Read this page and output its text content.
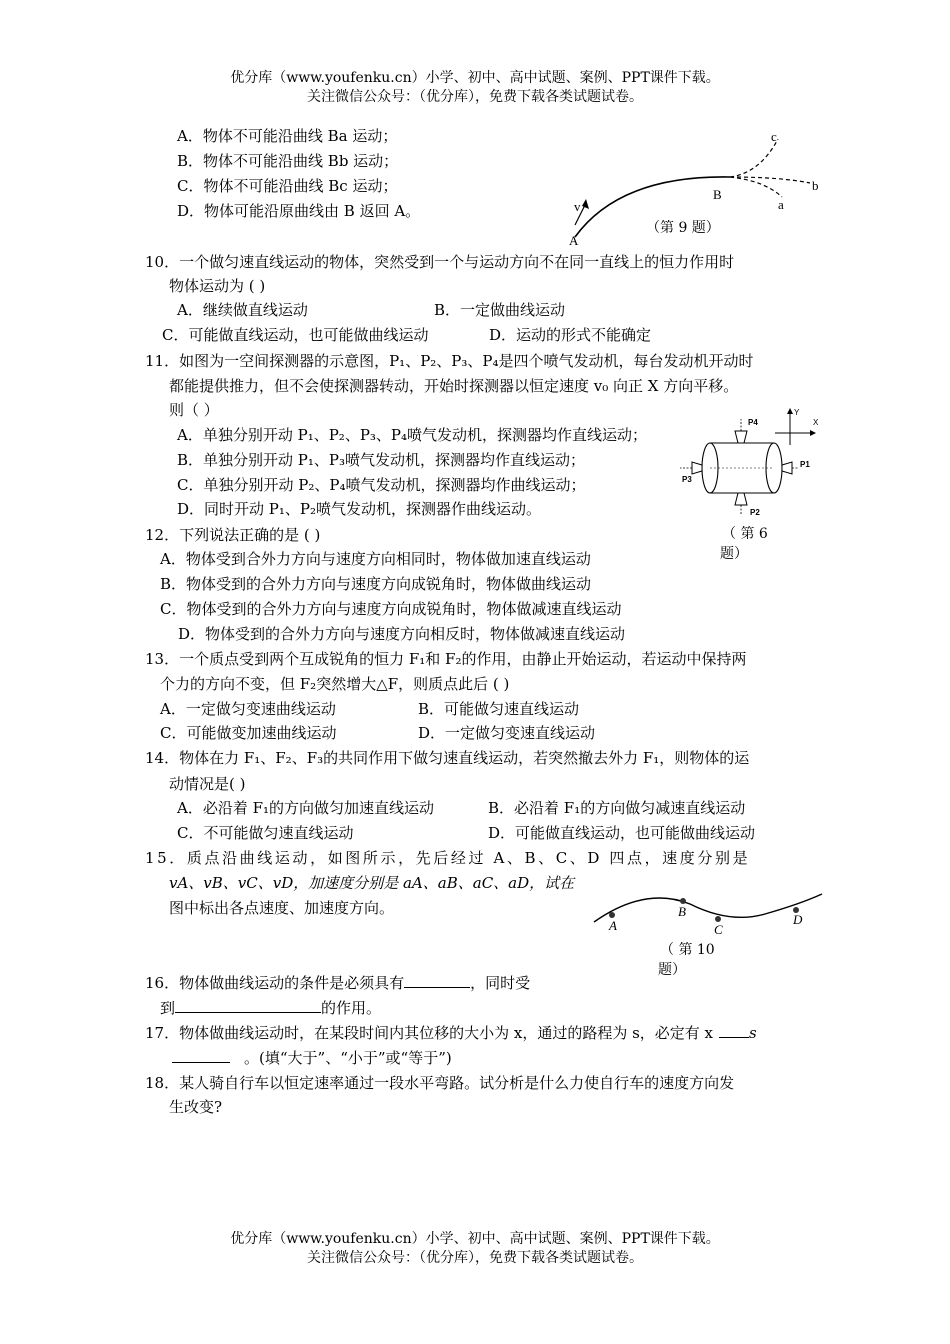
优分库（www.youfenku.cn）小学、初中、高中试题、案例、PPT课件下载。
关注微信公众号：（优分库），免费下载各类试题试卷。
A．物体不可能沿曲线 Ba 运动；
B．物体不可能沿曲线 Bb 运动；
C．物体不可能沿曲线 Bc 运动；
D．物体可能沿原曲线由 B 返回 A。
c
b
a
B
A
v
（第 9 题）
10．一个做匀速直线运动的物体，突然受到一个与运动方向不在同一直线上的恒力作用时
物体运动为 ( )
A．继续做直线运动	B．一定做曲线运动
C．可能做直线运动，也可能做曲线运动	D．运动的形式不能确定
11．如图为一空间探测器的示意图，P₁、P₂、P₃、P₄是四个喷气发动机，每台发动机开动时
都能提供推力，但不会使探测器转动，开始时探测器以恒定速度 v₀ 向正 X 方向平移。
则（ ）
A．单独分别开动 P₁、P₂、P₃、P₄喷气发动机，探测器均作直线运动；
B．单独分别开动 P₁、P₃喷气发动机，探测器均作直线运动；
C．单独分别开动 P₂、P₄喷气发动机，探测器均作曲线运动；
D．同时开动 P₁、P₂喷气发动机，探测器作曲线运动。
X
Y
P4
P2
P3
P1
（ 第 6
题）
12．下列说法正确的是 ( )
A．物体受到合外力方向与速度方向相同时，物体做加速直线运动
B．物体受到的合外力方向与速度方向成锐角时，物体做曲线运动
C．物体受到的合外力方向与速度方向成锐角时，物体做减速直线运动
D．物体受到的合外力方向与速度方向相反时，物体做减速直线运动
13．一个质点受到两个互成锐角的恒力 F₁和 F₂的作用，由静止开始运动，若运动中保持两
个力的方向不变，但 F₂突然增大△F，则质点此后 ( )
A．一定做匀变速曲线运动	B．可能做匀速直线运动
C．可能做变加速曲线运动	D．一定做匀变速直线运动
14．物体在力 F₁、F₂、F₃的共同作用下做匀速直线运动，若突然撤去外力 F₁，则物体的运
动情况是( )
A．必沿着 F₁的方向做匀加速直线运动	B．必沿着 F₁的方向做匀减速直线运动
C．不可能做匀速直线运动	D．可能做直线运动，也可能做曲线运动
15．质点沿曲线运动，如图所示，先后经过 A、B、C、D 四点，速度分别是
vA、vB、vC、vD，加速度分别是 aA、aB、aC、aD，试在
图中标出各点速度、加速度方向。
A
B
C
D
（ 第 10
题）
16．物体做曲线运动的条件是必须具有	，同时受
到	的作用。
17．物体做曲线运动时，在某段时间内其位移的大小为 x，通过的路程为 s，必定有 x s
。(填“大于”、“小于”或“等于”)
18．某人骑自行车以恒定速率通过一段水平弯路。试分析是什么力使自行车的速度方向发
生改变?
优分库（www.youfenku.cn）小学、初中、高中试题、案例、PPT课件下载。
关注微信公众号：（优分库），免费下载各类试题试卷。
